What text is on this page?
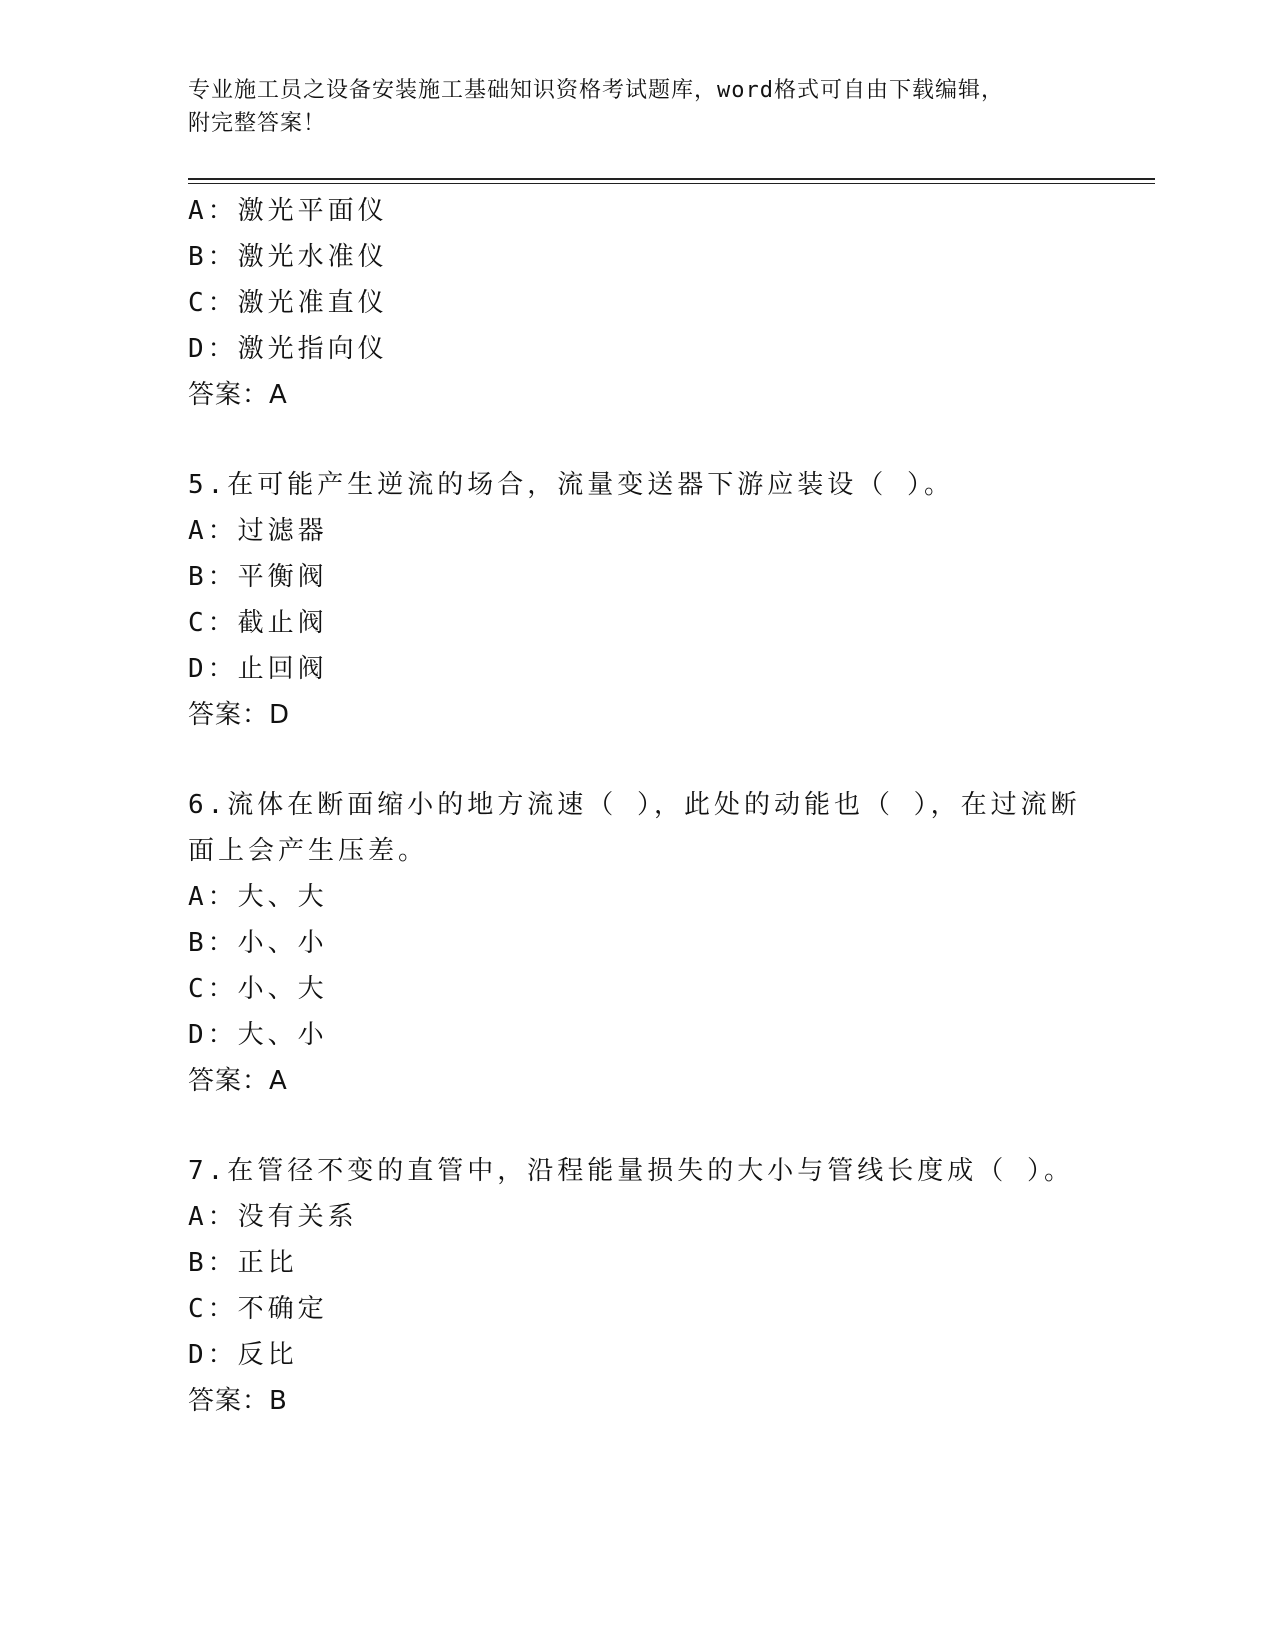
专业施工员之设备安装施工基础知识资格考试题库，word格式可自由下载编辑，
附完整答案！
A：激光平面仪
B：激光水准仪
C：激光准直仪
D：激光指向仪
答案：A
5.在可能产生逆流的场合，流量变送器下游应装设（ ）。
A：过滤器
B：平衡阀
C：截止阀
D：止回阀
答案：D
6.流体在断面缩小的地方流速（ ），此处的动能也（ ），在过流断
面上会产生压差。
A：大、大
B：小、小
C：小、大
D：大、小
答案：A
7.在管径不变的直管中，沿程能量损失的大小与管线长度成（ ）。
A：没有关系
B：正比
C：不确定
D：反比
答案：B
